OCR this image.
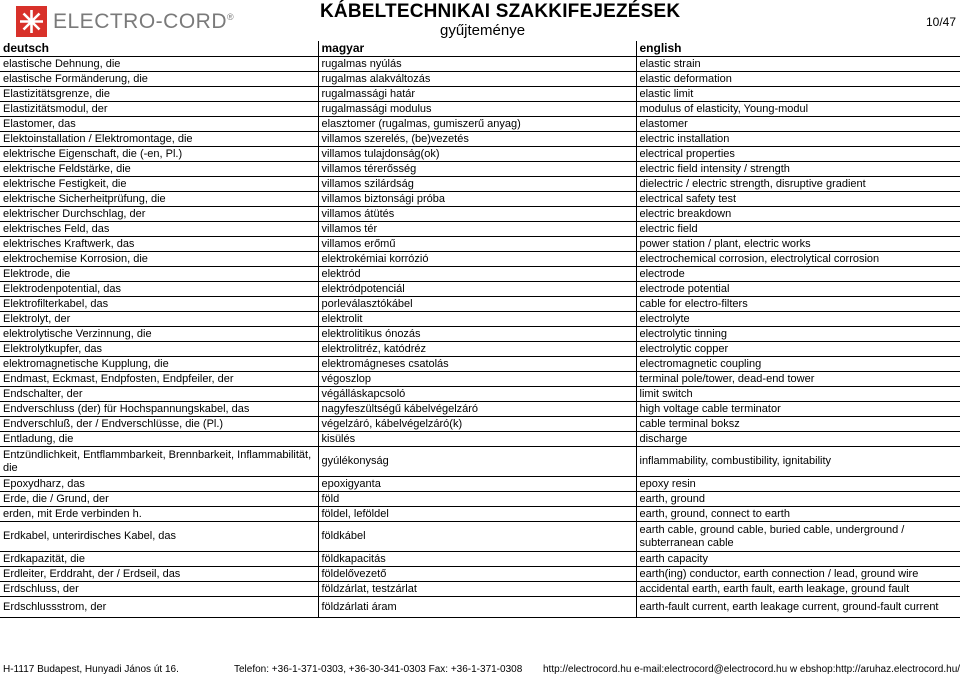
ELECTRO-CORD®	KÁBELTECHNIKAI SZAKKIFEJEZÉSEK
gyűjteménye	10/47
deutsch	magyar	english
elastische Dehnung, die	rugalmas nyúlás	elastic strain
elastische Formänderung, die	rugalmas alakváltozás	elastic deformation
Elastizitätsgrenze, die	rugalmassági határ	elastic limit
Elastizitätsmodul, der	rugalmassági modulus	modulus of elasticity, Young-modul
Elastomer, das	elasztomer (rugalmas, gumiszerű anyag)	elastomer
Elektoinstallation / Elektromontage, die	villamos szerelés, (be)vezetés	electric installation
elektrische Eigenschaft, die (-en, Pl.)	villamos tulajdonság(ok)	electrical properties
elektrische Feldstärke, die	villamos térerősség	electric field intensity / strength
elektrische Festigkeit, die	villamos szilárdság	dielectric / electric strength, disruptive gradient
elektrische Sicherheitprüfung, die	villamos biztonsági próba	electrical safety test
elektrischer Durchschlag, der	villamos átütés	electric breakdown
elektrisches Feld, das	villamos tér	electric field
elektrisches Kraftwerk, das	villamos erőmű	power station / plant, electric works
elektrochemise Korrosion, die	elektrokémiai korrózió	electrochemical corrosion, electrolytical corrosion
Elektrode, die	elektród	electrode
Elektrodenpotential, das	elektródpotenciál	electrode potential
Elektrofilterkabel, das	porleválasztókábel	cable for electro-filters
Elektrolyt, der	elektrolit	electrolyte
elektrolytische Verzinnung, die	elektrolitikus ónozás	electrolytic tinning
Elektrolytkupfer, das	elektrolitréz, katódréz	electrolytic copper
elektromagnetische Kupplung, die	elektromágneses csatolás	electromagnetic coupling
Endmast, Eckmast, Endpfosten, Endpfeiler, der	végoszlop	terminal pole/tower, dead-end tower
Endschalter, der	végálláskapcsoló	limit switch
Endverschluss (der) für Hochspannungskabel, das	nagyfeszültségű kábelvégelzáró	high voltage cable terminator
Endverschluß, der / Endverschlüsse, die (Pl.)	végelzáró, kábelvégelzáró(k)	cable terminal boksz
Entladung, die	kisülés	discharge
Entzündlichkeit, Entflammbarkeit, Brennbarkeit, Inflammabilität, die	gyúlékonyság	inflammability, combustibility, ignitability
Epoxydharz, das	epoxigyanta	epoxy resin
Erde, die / Grund, der	föld	earth, ground
erden, mit Erde verbinden h.	földel, leföldel	earth, ground, connect to earth
Erdkabel, unterirdisches Kabel, das	földkábel	earth cable, ground cable, buried cable, underground / subterranean cable
Erdkapazität, die	földkapacitás	earth capacity
Erdleiter, Erddraht, der / Erdseil, das	földelővezető	earth(ing) conductor, earth connection / lead, ground wire
Erdschluss, der	földzárlat, testzárlat	accidental earth, earth fault, earth leakage, ground fault
Erdschlussstrom, der	földzárlati áram	earth-fault current, earth leakage current, ground-fault current
H-1117 Budapest, Hunyadi János út 16.	Telefon: +36-1-371-0303, +36-30-341-0303 Fax: +36-1-371-0308 http://electrocord.hu e-mail:electrocord@electrocord.hu w ebshop:http://aruhaz.electrocord.hu/
